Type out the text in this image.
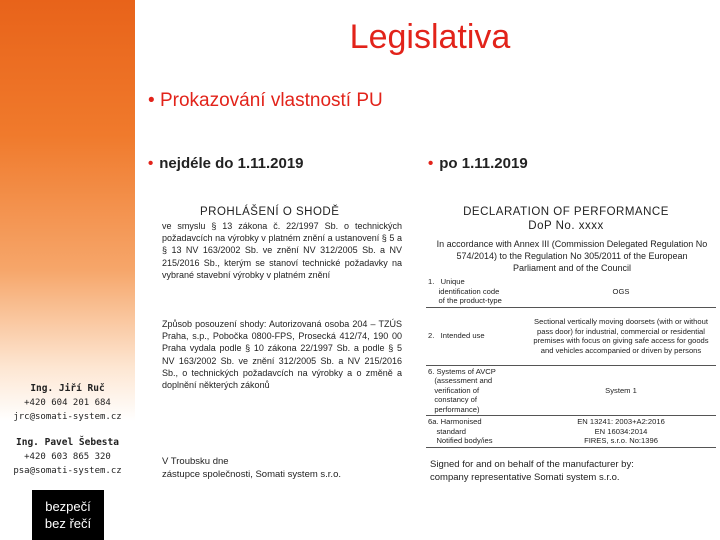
Legislativa
• Prokazování vlastností PU
• nejdéle do 1.11.2019	• po 1.11.2019
PROHLÁŠENÍ O SHODĚ
ve smyslu § 13 zákona č. 22/1997 Sb. o technických požadavcích na výrobky v platném znění a ustanovení § 5 a § 13 NV 163/2002 Sb. ve znění NV 312/2005 Sb. a NV 215/2016 Sb., kterým se stanoví technické požadavky na vybrané stavební výrobky v platném znění
Způsob posouzení shody: Autorizovaná osoba 204 – TZÚS Praha, s.p., Pobočka 0800-FPS, Prosecká 412/74, 190 00 Praha vydala podle § 10 zákona 22/1997 Sb. a podle § 5 NV 163/2002 Sb. ve znění 312/2005 Sb. a NV 215/2016 Sb., o technických požadavcích na výrobky a o změně a doplnění některých zákonů
V Troubsku dne
zástupce společnosti, Somati system s.r.o.
DECLARATION OF PERFORMANCE
DoP No. xxxx
In accordance with Annex III (Commission Delegated Regulation No 574/2014) to the Regulation No 305/2011 of the European Parliament and of the Council
1.   Unique
identification code
of the product-type	OGS
2.   Intended use	Sectional vertically moving doorsets (with or without pass door) for industrial, commercial or residential premises with focus on giving safe access for goods and vehicles accompanied or driven by persons
6. Systems of AVCP
(assessment and
verification of
constancy of
performance)	System 1
6a. Harmonised
standard
Notified body/ies	EN 13241: 2003+A2:2016
EN 16034:2014
FIRES, s.r.o. No:1396
Signed for and on behalf of the manufacturer by:
company representative Somati system s.r.o.
Ing. Jiří Ruč
+420 604 201 684
jrc@somati-system.cz
Ing. Pavel Šebesta
+420 603 865 320
psa@somati-system.cz
bezpečí
bez řečí
